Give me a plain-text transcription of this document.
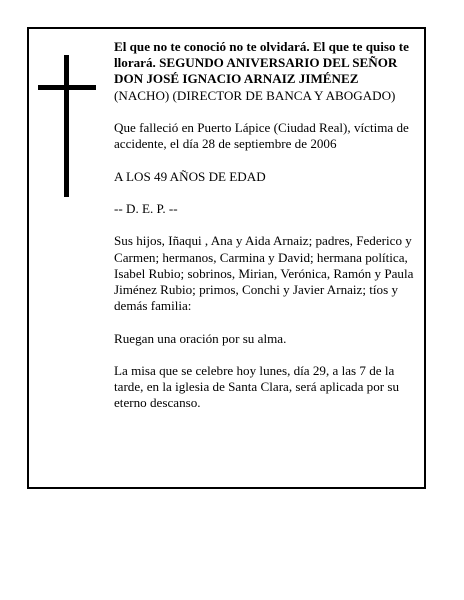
El que no te conoció no te olvidará. El que te quiso te llorará. SEGUNDO ANIVERSARIO DEL SEÑOR
DON JOSÉ IGNACIO ARNAIZ JIMÉNEZ
(NACHO) (DIRECTOR DE BANCA Y ABOGADO)

Que falleció en Puerto Lápice (Ciudad Real), víctima de accidente, el día 28 de septiembre de 2006

A LOS 49 AÑOS DE EDAD

-- D. E. P. --

Sus hijos, Iñaqui , Ana y Aida Arnaiz; padres, Federico y Carmen; hermanos, Carmina y David; hermana política, Isabel Rubio; sobrinos, Mirian, Verónica, Ramón y Paula Jiménez Rubio; primos, Conchi y Javier Arnaiz; tíos y demás familia:

Ruegan una oración por su alma.

La misa que se celebre hoy lunes, día 29, a las 7 de la tarde, en la iglesia de Santa Clara, será aplicada por su eterno descanso.
